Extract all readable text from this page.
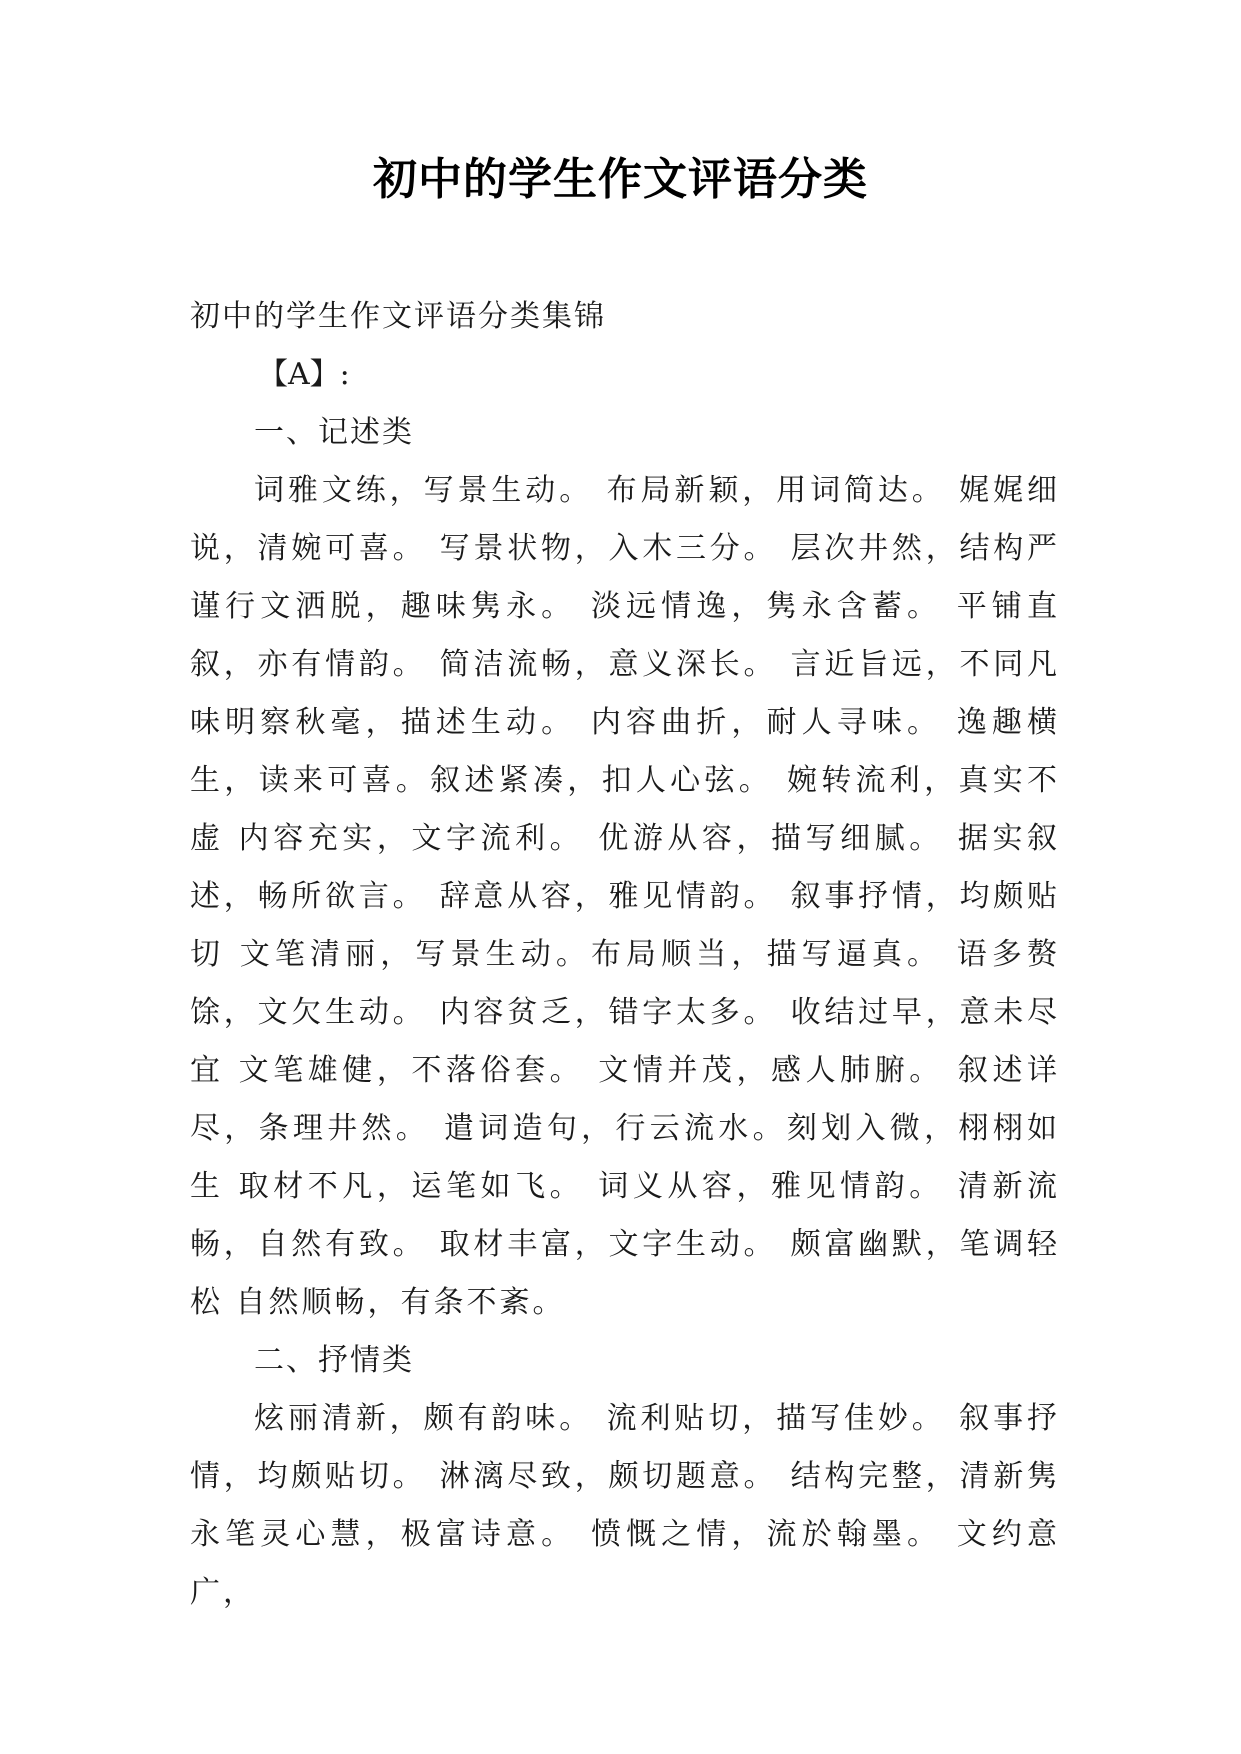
初中的学生作文评语分类

初中的学生作文评语分类集锦

【A】:

一、记述类

词雅文练，写景生动。 布局新颖，用词简达。 娓娓细说，清婉可喜。 写景状物，入木三分。 层次井然，结构严谨行文洒脱，趣味隽永。 淡远情逸，隽永含蓄。 平铺直叙，亦有情韵。 简洁流畅，意义深长。 言近旨远，不同凡味明察秋毫，描述生动。 内容曲折，耐人寻味。 逸趣横生，读来可喜。叙述紧凑，扣人心弦。 婉转流利，真实不虚 内容充实，文字流利。 优游从容，描写细腻。 据实叙述，畅所欲言。 辞意从容，雅见情韵。 叙事抒情，均颇贴切 文笔清丽，写景生动。布局顺当，描写逼真。 语多赘馀，文欠生动。 内容贫乏，错字太多。 收结过早，意未尽宜 文笔雄健，不落俗套。 文情并茂，感人肺腑。 叙述详尽，条理井然。 遣词造句，行云流水。刻划入微，栩栩如生 取材不凡，运笔如飞。 词义从容，雅见情韵。 清新流畅，自然有致。 取材丰富，文字生动。 颇富幽默，笔调轻松 自然顺畅，有条不紊。

二、抒情类

炫丽清新，颇有韵味。 流利贴切，描写佳妙。 叙事抒情，均颇贴切。 淋漓尽致，颇切题意。 结构完整，清新隽永笔灵心慧，极富诗意。 愤慨之情，流於翰墨。 文约意广，
